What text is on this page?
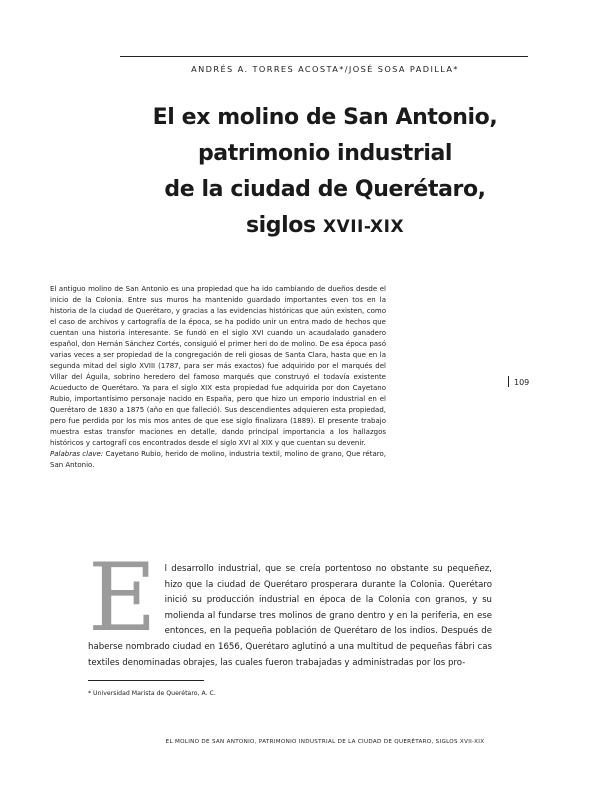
ANDRÉS A. TORRES ACOSTA*/JOSÉ SOSA PADILLA*
El ex molino de San Antonio,
patrimonio industrial
de la ciudad de Querétaro,
siglos XVII-XIX

El antiguo molino de San Antonio es una propiedad que ha ido cambiando de dueños desde el inicio de la Colonia. Entre sus muros ha mantenido guardado importantes even tos en la historia de la ciudad de Querétaro, y gracias a las evidencias históricas que aún existen, como el caso de archivos y cartografía de la época, se ha podido unir un entra mado de hechos que cuentan una historia interesante. Se fundó en el siglo XVI cuando un acaudalado ganadero español, don Hernán Sánchez Cortés, consiguió el primer heri do de molino. De esa época pasó varias veces a ser propiedad de la congregación de reli giosas de Santa Clara, hasta que en la segunda mitad del siglo XVIII (1787, para ser más exactos) fue adquirido por el marqués del Villar del Águila, sobrino heredero del famoso marqués que construyó el todavía existente Acueducto de Querétaro. Ya para el siglo XIX esta propiedad fue adquirida por don Cayetano Rubio, importantísimo personaje nacido en España, pero que hizo un emporio industrial en el Querétaro de 1830 a 1875 (año en que falleció). Sus descendientes adquieren esta propiedad, pero fue perdida por los mis mos antes de que ese siglo finalizara (1889). El presente trabajo muestra estas transfor maciones en detalle, dando principal importancia a los hallazgos históricos y cartografí cos encontrados desde el siglo XVI al XIX y que cuentan su devenir.

Palabras clave: Cayetano Rubio, herido de molino, industria textil, molino de grano, Que rétaro, San Antonio.

109
E l desarrollo industrial, que se creía portentoso no obstante su pequeñez, hizo que la ciudad de Querétaro prosperara durante la Colonia. Querétaro inició su producción industrial en época de la Colonia con granos, y su molienda al fundarse tres molinos de grano dentro y en la periferia, en ese entonces, en la pequeña población de Querétaro de los indios. Después de haberse nombrado ciudad en 1656, Querétaro aglutinó a una multitud de pequeñas fábri cas textiles denominadas obrajes, las cuales fueron trabajadas y administradas por los pro-

* Universidad Marista de Querétaro, A. C.
EL MOLINO DE SAN ANTONIO, PATRIMONIO INDUSTRIAL DE LA CIUDAD DE QUERÉTARO, SIGLOS XVII-XIX
